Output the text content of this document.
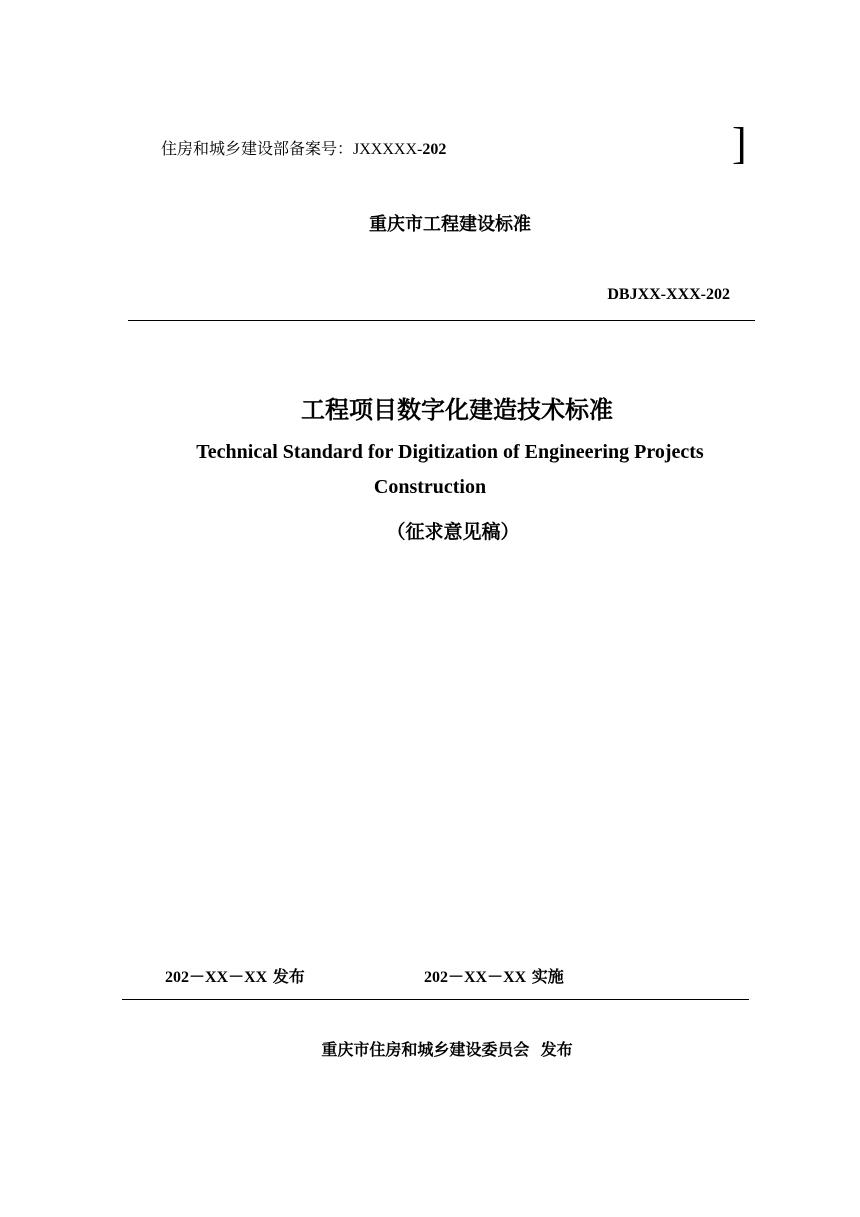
住房和城乡建设部备案号：JXXXXX-202	]
重庆市工程建设标准
DBJXX-XXX-202
工程项目数字化建造技术标准
Technical Standard for Digitization of Engineering Projects
Construction
（征求意见稿）
202－XX－XX 发布	202－XX－XX 实施
重庆市住房和城乡建设委员会  发布
